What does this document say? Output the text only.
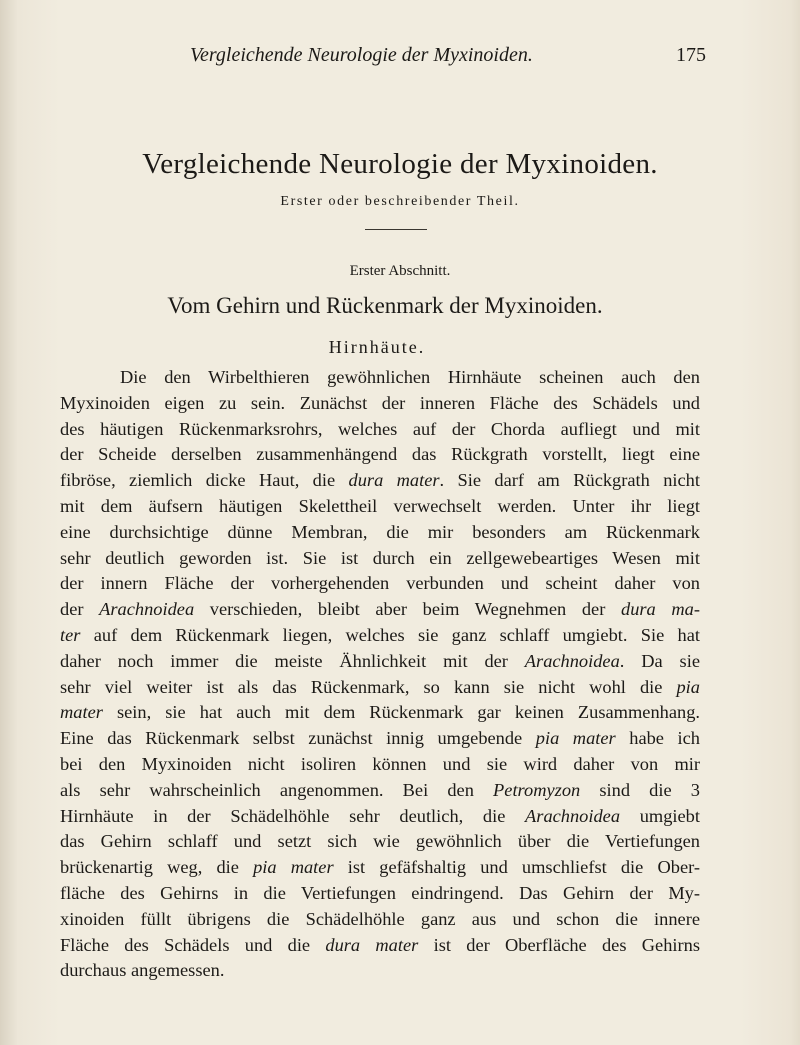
Vergleichende Neurologie der Myxinoiden.	175
Vergleichende Neurologie der Myxinoiden.
Erster oder beschreibender Theil.
Erster Abschnitt.
Vom Gehirn und Rückenmark der Myxinoiden.
Hirnhäute.
Die den Wirbelthieren gewöhnlichen Hirnhäute scheinen auch den
Myxinoiden eigen zu sein. Zunächst der inneren Fläche des Schädels und
des häutigen Rückenmarksrohrs, welches auf der Chorda aufliegt und mit
der Scheide derselben zusammenhängend das Rückgrath vorstellt, liegt eine
fibröse, ziemlich dicke Haut, die dura mater. Sie darf am Rückgrath nicht
mit dem äufsern häutigen Skelettheil verwechselt werden. Unter ihr liegt
eine durchsichtige dünne Membran, die mir besonders am Rückenmark
sehr deutlich geworden ist. Sie ist durch ein zellgewebeartiges Wesen mit
der innern Fläche der vorhergehenden verbunden und scheint daher von
der Arachnoidea verschieden, bleibt aber beim Wegnehmen der dura ma-
ter auf dem Rückenmark liegen, welches sie ganz schlaff umgiebt. Sie hat
daher noch immer die meiste Ähnlichkeit mit der Arachnoidea. Da sie
sehr viel weiter ist als das Rückenmark, so kann sie nicht wohl die pia
mater sein, sie hat auch mit dem Rückenmark gar keinen Zusammenhang.
Eine das Rückenmark selbst zunächst innig umgebende pia mater habe ich
bei den Myxinoiden nicht isoliren können und sie wird daher von mir
als sehr wahrscheinlich angenommen. Bei den Petromyzon sind die 3
Hirnhäute in der Schädelhöhle sehr deutlich, die Arachnoidea umgiebt
das Gehirn schlaff und setzt sich wie gewöhnlich über die Vertiefungen
brückenartig weg, die pia mater ist gefäfshaltig und umschliefst die Ober-
fläche des Gehirns in die Vertiefungen eindringend. Das Gehirn der My-
xinoiden füllt übrigens die Schädelhöhle ganz aus und schon die innere
Fläche des Schädels und die dura mater ist der Oberfläche des Gehirns
durchaus angemessen.
